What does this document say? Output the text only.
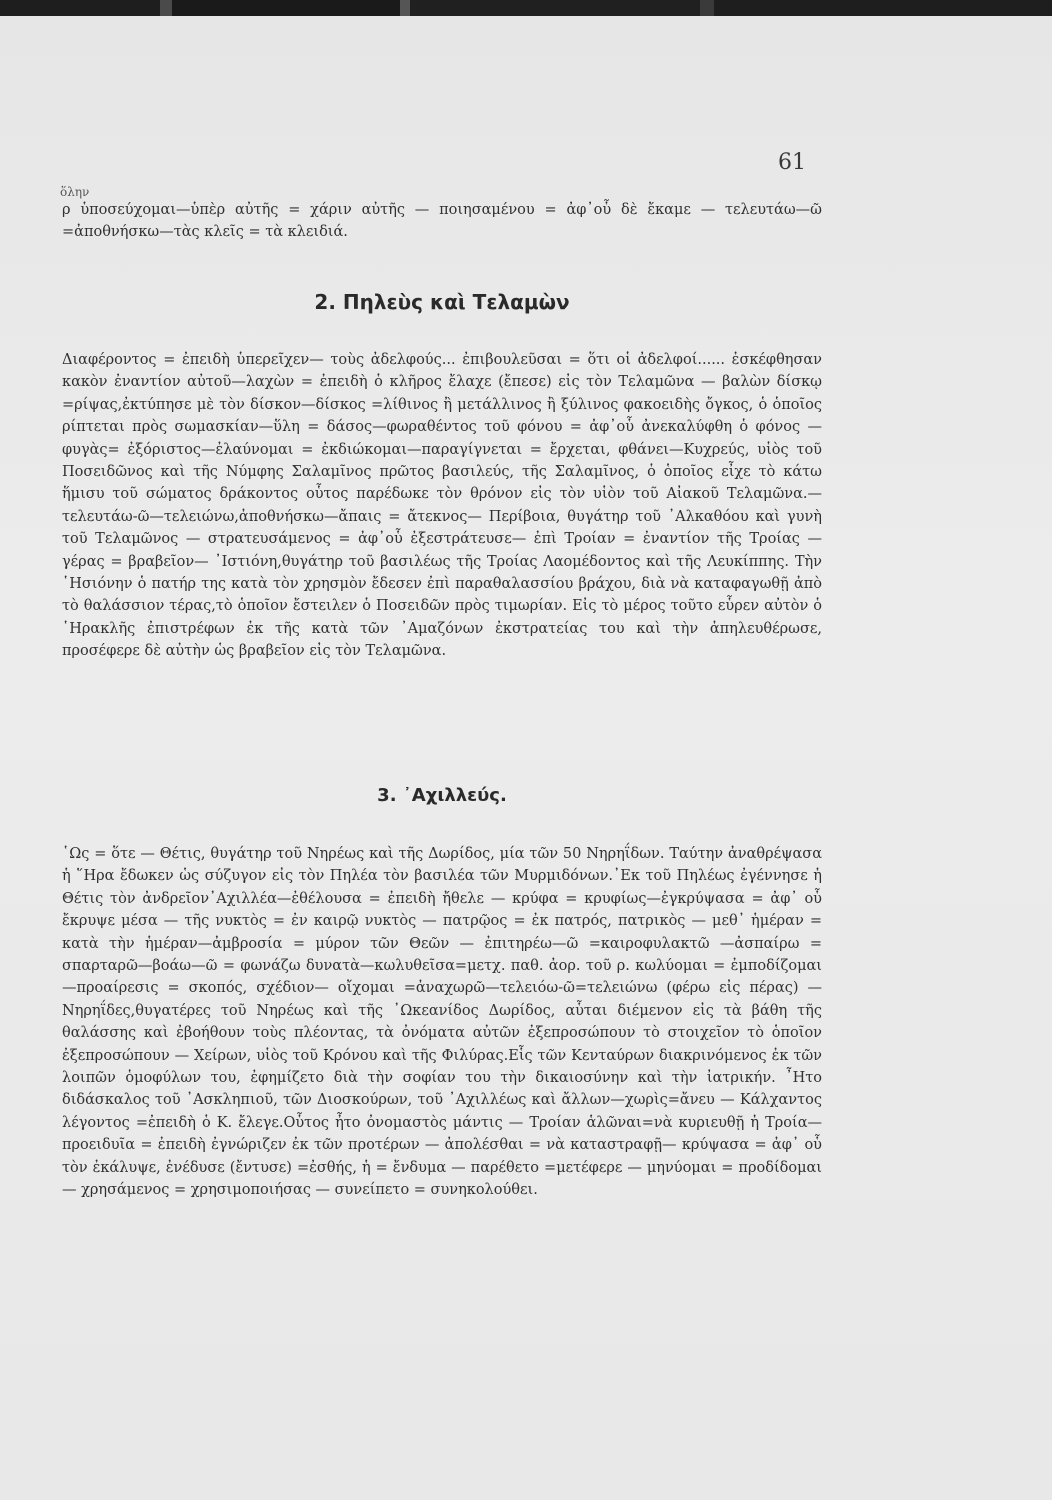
61
ὅλην

ρ ὑποσεύχομαι—ὑπὲρ αὐτῆς = χάριν αὐτῆς — ποιησαμένου = ἀφ᾽οὗ δὲ ἔκαμε — τελευτάω—ῶ =ἀποθνήσκω—τὰς κλεῖς = τὰ κλειδιά.

2. Πηλεὺς καὶ Τελαμὼν

Διαφέροντος = ἐπειδὴ ὑπερεῖχεν— τοὺς ἀδελφούς... ἐπιβουλεῦσαι = ὅτι οἱ ἀδελφοί...... ἐσκέφθησαν κακὸν ἐναντίον αὐτοῦ—λαχὼν = ἐπειδὴ ὁ κλῆρος ἔλαχε (ἔπεσε) εἰς τὸν Τελαμῶνα — βαλὼν δίσκῳ =ρίψας,ἐκτύπησε μὲ τὸν δίσκον—δίσκος =λίθινος ἢ μετάλλινος ἢ ξύλινος φακοειδὴς ὄγκος, ὁ ὁποῖος ρίπτεται πρὸς σωμασκίαν—ὕλη = δάσος—φωραθέντος τοῦ φόνου = ἀφ᾽οὗ ἀνεκαλύφθη ὁ φόνος —φυγὰς= ἐξόριστος—ἐλαύνομαι = ἐκδιώκομαι—παραγίγνεται = ἔρχεται, φθάνει—Κυχρεύς, υἱὸς τοῦ Ποσειδῶνος καὶ τῆς Νύμφης Σαλαμῖνος πρῶτος βασιλεύς, τῆς Σαλαμῖνος, ὁ ὁποῖος εἶχε τὸ κάτω ἥμισυ τοῦ σώματος δράκοντος οὗτος παρέδωκε τὸν θρόνον εἰς τὸν υἱὸν τοῦ Αἰακοῦ Τελαμῶνα.—τελευτάω-ῶ—τελειώνω,ἀποθνήσκω—ἄπαις = ἄτεκνος— Περίβοια, θυγάτηρ τοῦ ᾽Αλκαθόου καὶ γυνὴ τοῦ Τελαμῶνος — στρατευσάμενος = ἀφ᾽οὗ ἐξεστράτευσε— ἐπὶ Τροίαν = ἐναντίον τῆς Τροίας — γέρας = βραβεῖον— ᾽Ιστιόνη,θυγάτηρ τοῦ βασιλέως τῆς Τροίας Λαομέδοντος καὶ τῆς Λευκίππης. Τὴν ῾Ησιόνην ὁ πατήρ της κατὰ τὸν χρησμὸν ἔδεσεν ἐπὶ παραθαλασσίου βράχου, διὰ νὰ καταφαγωθῇ ἀπὸ τὸ θαλάσσιον τέρας,τὸ ὁποῖον ἔστειλεν ὁ Ποσειδῶν πρὸς τιμωρίαν. Εἰς τὸ μέρος τοῦτο εὗρεν αὐτὸν ὁ ῾Ηρακλῆς ἐπιστρέφων ἐκ τῆς κατὰ τῶν ᾽Αμαζόνων ἐκστρατείας του καὶ τὴν ἀπηλευθέρωσε, προσέφερε δὲ αὐτὴν ὡς βραβεῖον εἰς τὸν Τελαμῶνα.

3. ᾽Αχιλλεύς.

῾Ως = ὅτε — Θέτις, θυγάτηρ τοῦ Νηρέως καὶ τῆς Δωρίδος, μία τῶν 50 Νηρηΐδων. Ταύτην ἀναθρέψασα ἡ ῞Ηρα ἔδωκεν ὡς σύζυγον εἰς τὸν Πηλέα τὸν βασιλέα τῶν Μυρμιδόνων.᾽Εκ τοῦ Πηλέως ἐγέννησε ἡ Θέτις τὸν ἀνδρεῖον᾽Αχιλλέα—ἐθέλουσα = ἐπειδὴ ἤθελε — κρύφα = κρυφίως—ἐγκρύψασα = ἀφ᾽ οὗ ἔκρυψε μέσα — τῆς νυκτὸς = ἐν καιρῷ νυκτὸς — πατρῷος = ἐκ πατρός, πατρικὸς — μεθ᾽ ἡμέραν = κατὰ τὴν ἡμέραν—ἀμβροσία = μύρον τῶν Θεῶν — ἐπιτηρέω—ῶ =καιροφυλακτῶ —ἀσπαίρω = σπαρταρῶ—βοάω—ῶ = φωνάζω δυνατὰ—κωλυθεῖσα=μετχ. παθ. ἀορ. τοῦ ρ. κωλύομαι = ἐμποδίζομαι—προαίρεσις = σκοπός, σχέδιον— οἴχομαι =ἀναχωρῶ—τελειόω-ῶ=τελειώνω (φέρω εἰς πέρας) — Νηρηΐδες,θυγατέρες τοῦ Νηρέως καὶ τῆς ᾽Ωκεανίδος Δωρίδος, αὗται διέμενον εἰς τὰ βάθη τῆς θαλάσσης καὶ ἐβοήθουν τοὺς πλέοντας, τὰ ὀνόματα αὐτῶν ἐξεπροσώπουν τὸ στοιχεῖον τὸ ὁποῖον ἐξεπροσώπουν — Χείρων, υἱὸς τοῦ Κρόνου καὶ τῆς Φιλύρας.Εἷς τῶν Κενταύρων διακρινόμενος ἐκ τῶν λοιπῶν ὁμοφύλων του, ἐφημίζετο διὰ τὴν σοφίαν του τὴν δικαιοσύνην καὶ τὴν ἰατρικήν. ῏Ητο διδάσκαλος τοῦ ᾽Ασκληπιοῦ, τῶν Διοσκούρων, τοῦ ᾽Αχιλλέως καὶ ἄλλων—χωρὶς=ἄνευ — Κάλχαντος λέγοντος =ἐπειδὴ ὁ Κ. ἔλεγε.Οὗτος ἦτο ὀνομαστὸς μάντις — Τροίαν ἁλῶναι=νὰ κυριευθῇ ἡ Τροία— προειδυῖα = ἐπειδὴ ἐγνώριζεν ἐκ τῶν προτέρων — ἀπολέσθαι = νὰ καταστραφῇ— κρύψασα = ἀφ᾽ οὗ τὸν ἐκάλυψε, ἐνέδυσε (ἔντυσε) =ἐσθής, ἡ = ἔνδυμα — παρέθετο =μετέφερε — μηνύομαι = προδίδομαι — χρησάμενος = χρησιμοποιήσας — συνείπετο = συνηκολούθει.
